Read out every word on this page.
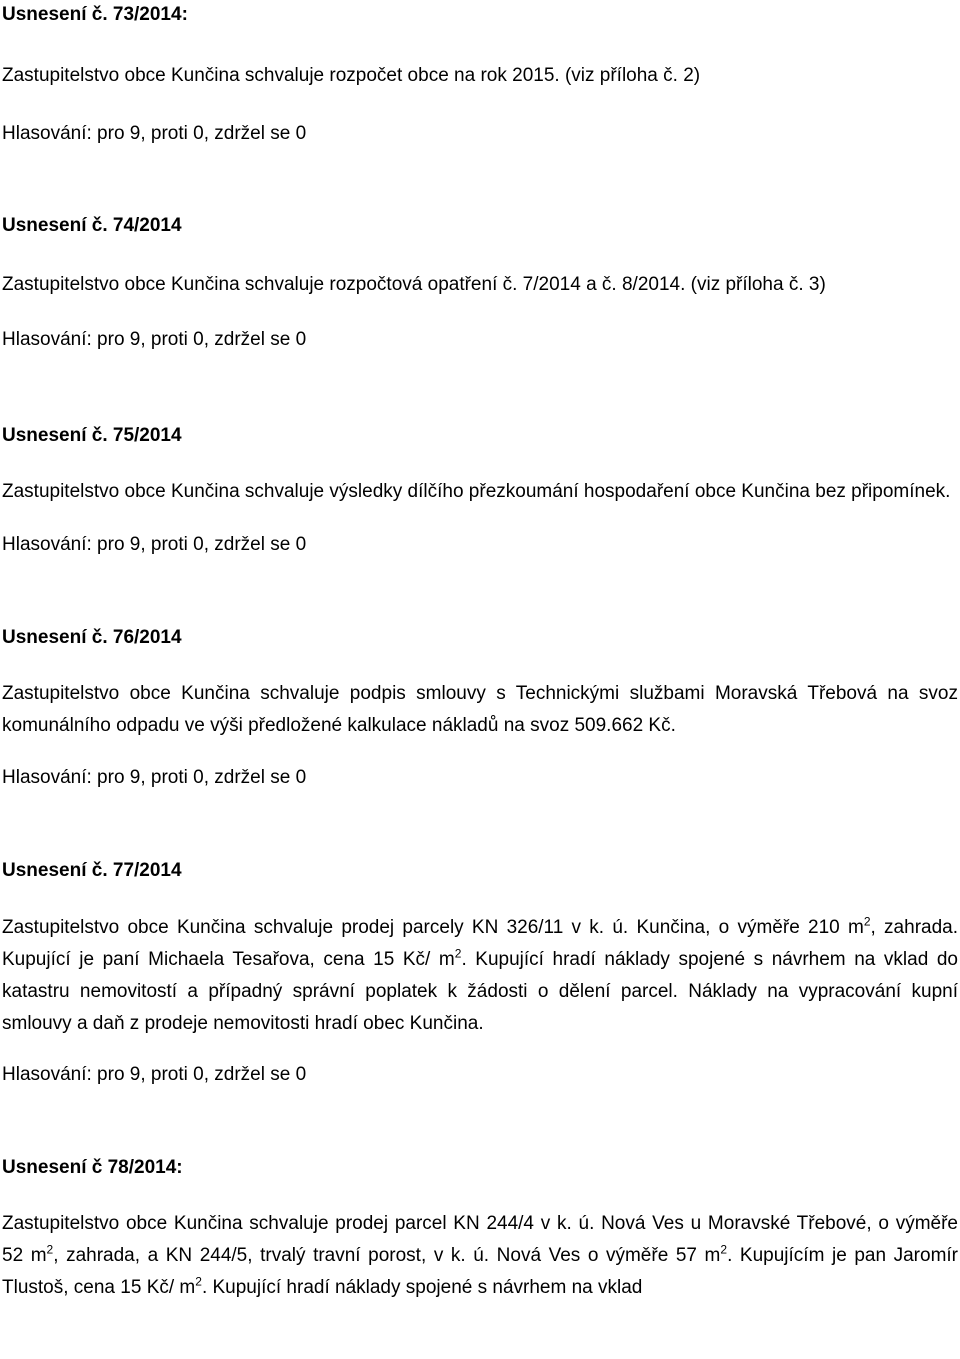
Usnesení č. 73/2014:

Zastupitelstvo obce Kunčina schvaluje rozpočet obce na rok 2015. (viz příloha č. 2)

Hlasování: pro 9, proti 0, zdržel se 0

Usnesení č. 74/2014

Zastupitelstvo obce Kunčina schvaluje rozpočtová opatření č. 7/2014 a č. 8/2014. (viz příloha č. 3)

Hlasování: pro 9, proti 0, zdržel se 0

Usnesení č. 75/2014

Zastupitelstvo obce Kunčina schvaluje výsledky dílčího přezkoumání hospodaření obce Kunčina bez připomínek.

Hlasování: pro 9, proti 0, zdržel se 0

Usnesení č. 76/2014

Zastupitelstvo obce Kunčina schvaluje podpis smlouvy s Technickými službami Moravská Třebová na svoz komunálního odpadu ve výši předložené kalkulace nákladů na svoz 509.662 Kč.

Hlasování: pro 9, proti 0, zdržel se 0

Usnesení č. 77/2014

Zastupitelstvo obce Kunčina schvaluje prodej parcely KN 326/11 v k. ú. Kunčina, o výměře 210 $m^2$, zahrada. Kupující je paní Michaela Tesařova, cena 15 Kč/ $m^2$. Kupující hradí náklady spojené s návrhem na vklad do katastru nemovitostí a případný správní poplatek k žádosti o dělení parcel. Náklady na vypracování kupní smlouvy a daň z prodeje nemovitosti hradí obec Kunčina.

Hlasování: pro 9, proti 0, zdržel se 0

Usnesení č 78/2014:

Zastupitelstvo obce Kunčina schvaluje prodej parcel KN 244/4 v k. ú. Nová Ves u Moravské Třebové, o výměře 52 $m^2$, zahrada, a KN 244/5, trvalý travní porost, v k. ú. Nová Ves o výměře 57 $m^2$. Kupujícím je pan Jaromír Tlustoš, cena 15 Kč/ $m^2$. Kupující hradí náklady spojené s návrhem na vklad
